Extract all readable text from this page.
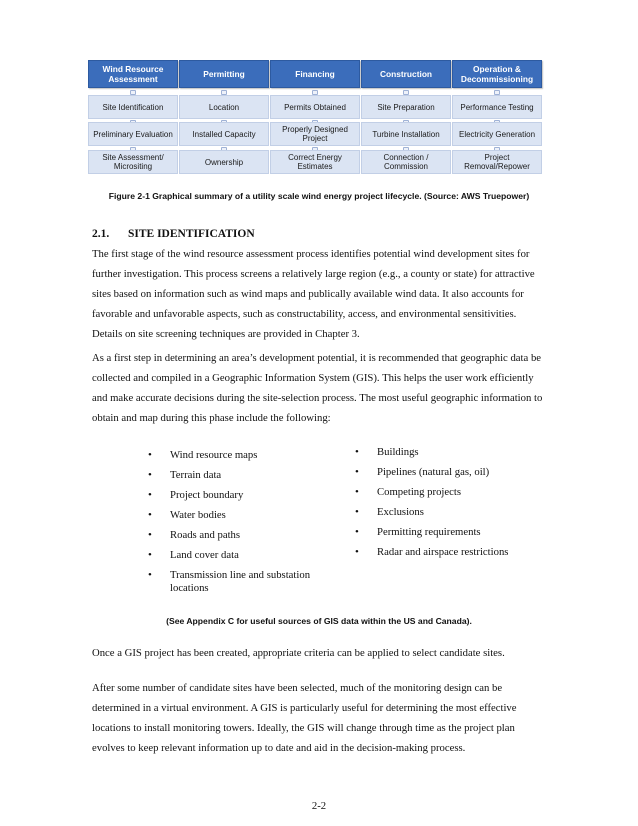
Wind Resource Assessment
Site Identification
Preliminary Evaluation
Site Assessment/ Micrositing
Permitting
Location
Installed Capacity
Ownership
Financing
Permits Obtained
Properly Designed Project
Correct Energy Estimates
Construction
Site Preparation
Turbine Installation
Connection / Commission
Operation & Decommissioning
Performance Testing
Electricity Generation
Project Removal/Repower
Figure 2-1 Graphical summary of a utility scale wind energy project lifecycle. (Source: AWS Truepower)
2.1. SITE IDENTIFICATION
The first stage of the wind resource assessment process identifies potential wind development sites for further investigation. This process screens a relatively large region (e.g., a county or state) for attractive sites based on information such as wind maps and publically available wind data. It also accounts for favorable and unfavorable aspects, such as constructability, access, and environmental sensitivities. Details on site screening techniques are provided in Chapter 3.
As a first step in determining an area’s development potential, it is recommended that geographic data be collected and compiled in a Geographic Information System (GIS). This helps the user work efficiently and make accurate decisions during the site-selection process. The most useful geographic information to obtain and map during this phase include the following:
• Wind resource maps
• Terrain data
• Project boundary
• Water bodies
• Roads and paths
• Land cover data
• Transmission line and substation locations
• Buildings
• Pipelines (natural gas, oil)
• Competing projects
• Exclusions
• Permitting requirements
• Radar and airspace restrictions
(See Appendix C for useful sources of GIS data within the US and Canada).
Once a GIS project has been created, appropriate criteria can be applied to select candidate sites.
After some number of candidate sites have been selected, much of the monitoring design can be determined in a virtual environment. A GIS is particularly useful for determining the most effective locations to install monitoring towers. Ideally, the GIS will change through time as the project plan evolves to keep relevant information up to date and aid in the decision-making process.
2-2
